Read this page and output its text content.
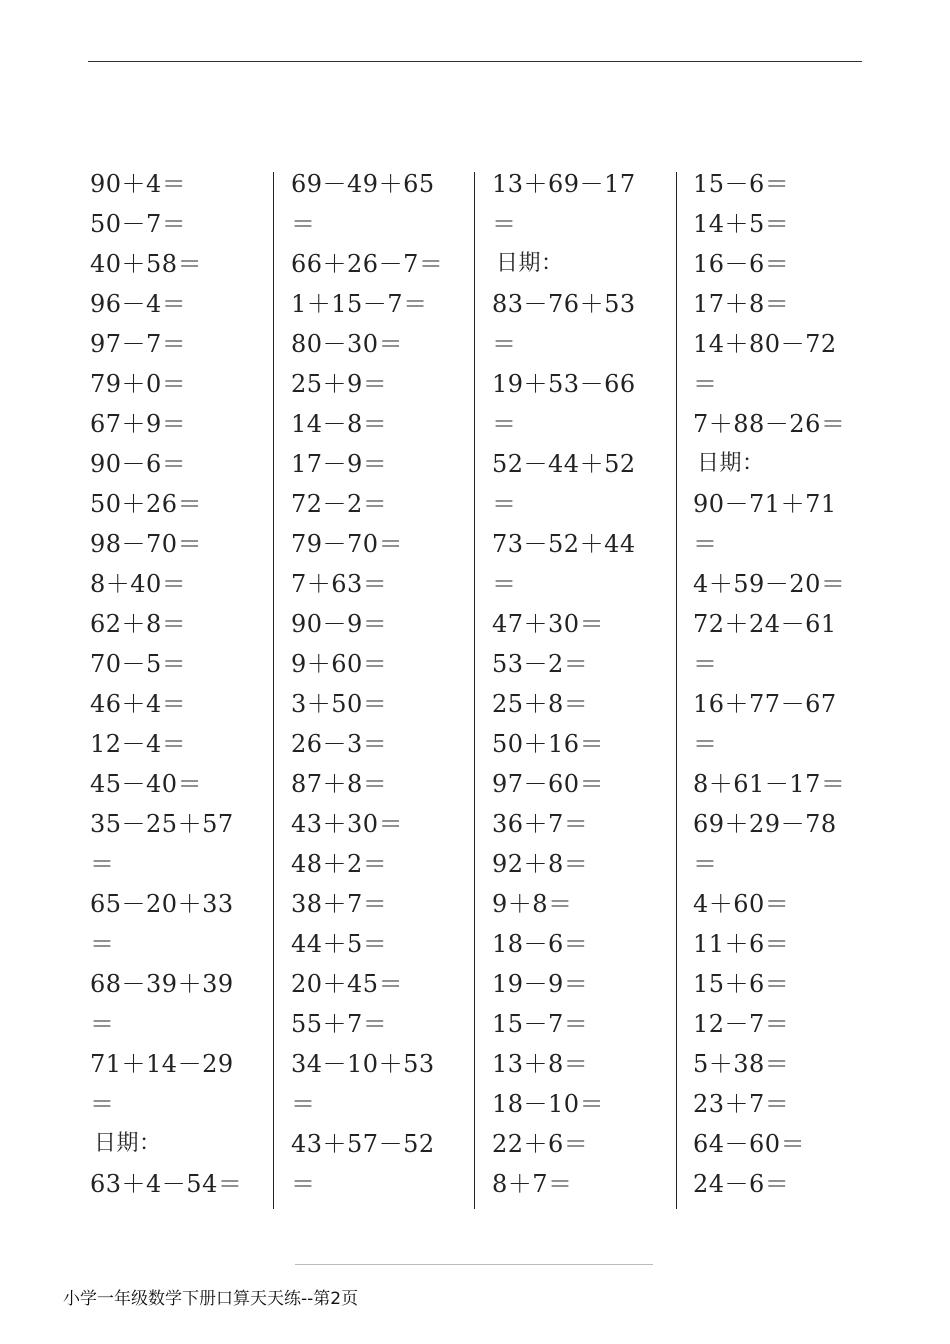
90＋4＝
50－7＝
40＋58＝
96－4＝
97－7＝
79＋0＝
67＋9＝
90－6＝
50＋26＝
98－70＝
8＋40＝
62＋8＝
70－5＝
46＋4＝
12－4＝
45－40＝
35－25＋57
＝
65－20＋33
＝
68－39＋39
＝
71＋14－29
＝
日期：
63＋4－54＝
69－49＋65
＝
66＋26－7＝
1＋15－7＝
80－30＝
25＋9＝
14－8＝
17－9＝
72－2＝
79－70＝
7＋63＝
90－9＝
9＋60＝
3＋50＝
26－3＝
87＋8＝
43＋30＝
48＋2＝
38＋7＝
44＋5＝
20＋45＝
55＋7＝
34－10＋53
＝
43＋57－52
＝
13＋69－17
＝
日期：
83－76＋53
＝
19＋53－66
＝
52－44＋52
＝
73－52＋44
＝
47＋30＝
53－2＝
25＋8＝
50＋16＝
97－60＝
36＋7＝
92＋8＝
9＋8＝
18－6＝
19－9＝
15－7＝
13＋8＝
18－10＝
22＋6＝
8＋7＝
15－6＝
14＋5＝
16－6＝
17＋8＝
14＋80－72
＝
7＋88－26＝
日期：
90－71＋71
＝
4＋59－20＝
72＋24－61
＝
16＋77－67
＝
8＋61－17＝
69＋29－78
＝
4＋60＝
11＋6＝
15＋6＝
12－7＝
5＋38＝
23＋7＝
64－60＝
24－6＝
小学一年级数学下册口算天天练--第2页
